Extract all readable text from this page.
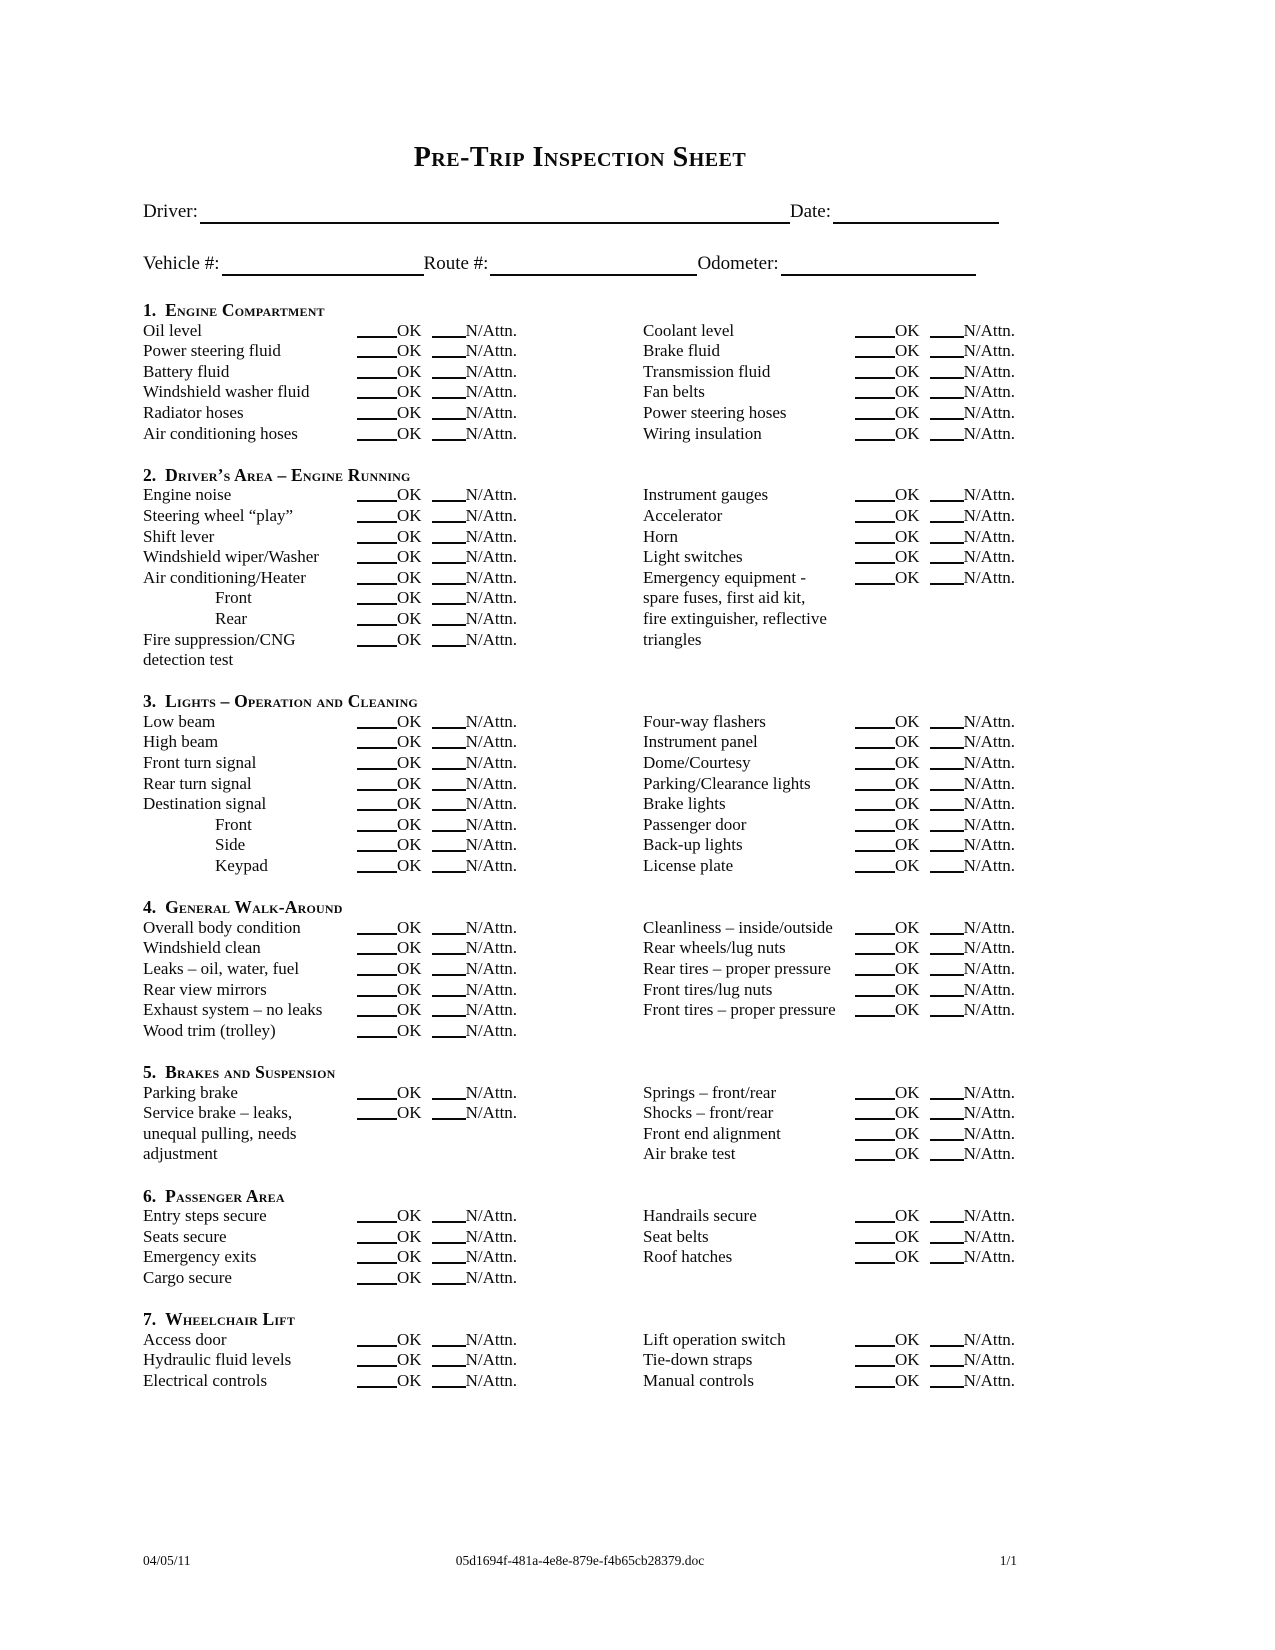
Pre-Trip Inspection Sheet
Driver:	Date:
Vehicle #:	Route #:	Odometer:
1. Engine Compartment
Oil level	OK	N/Attn.
Power steering fluid	OK	N/Attn.
Battery fluid	OK	N/Attn.
Windshield washer fluid	OK	N/Attn.
Radiator hoses	OK	N/Attn.
Air conditioning hoses	OK	N/Attn.
Coolant level	OK	N/Attn.
Brake fluid	OK	N/Attn.
Transmission fluid	OK	N/Attn.
Fan belts	OK	N/Attn.
Power steering hoses	OK	N/Attn.
Wiring insulation	OK	N/Attn.
2. Driver’s Area – Engine Running
Engine noise	OK	N/Attn.
Steering wheel “play”	OK	N/Attn.
Shift lever	OK	N/Attn.
Windshield wiper/Washer	OK	N/Attn.
Air conditioning/Heater	OK	N/Attn.
Front	OK	N/Attn.
Rear	OK	N/Attn.
Fire suppression/CNG	OK	N/Attn.
detection test
Instrument gauges	OK	N/Attn.
Accelerator	OK	N/Attn.
Horn	OK	N/Attn.
Light switches	OK	N/Attn.
Emergency equipment -	OK	N/Attn.
spare fuses, first aid kit,
fire extinguisher, reflective
triangles
3. Lights – Operation and Cleaning
Low beam	OK	N/Attn.
High beam	OK	N/Attn.
Front turn signal	OK	N/Attn.
Rear turn signal	OK	N/Attn.
Destination signal	OK	N/Attn.
Front	OK	N/Attn.
Side	OK	N/Attn.
Keypad	OK	N/Attn.
Four-way flashers	OK	N/Attn.
Instrument panel	OK	N/Attn.
Dome/Courtesy	OK	N/Attn.
Parking/Clearance lights	OK	N/Attn.
Brake lights	OK	N/Attn.
Passenger door	OK	N/Attn.
Back-up lights	OK	N/Attn.
License plate	OK	N/Attn.
4. General Walk-Around
Overall body condition	OK	N/Attn.
Windshield clean	OK	N/Attn.
Leaks – oil, water, fuel	OK	N/Attn.
Rear view mirrors	OK	N/Attn.
Exhaust system – no leaks	OK	N/Attn.
Wood trim (trolley)	OK	N/Attn.
Cleanliness – inside/outside	OK	N/Attn.
Rear wheels/lug nuts	OK	N/Attn.
Rear tires – proper pressure	OK	N/Attn.
Front tires/lug nuts	OK	N/Attn.
Front tires – proper pressure	OK	N/Attn.
5. Brakes and Suspension
Parking brake	OK	N/Attn.
Service brake – leaks,	OK	N/Attn.
unequal pulling, needs
adjustment
Springs – front/rear	OK	N/Attn.
Shocks – front/rear	OK	N/Attn.
Front end alignment	OK	N/Attn.
Air brake test	OK	N/Attn.
6. Passenger Area
Entry steps secure	OK	N/Attn.
Seats secure	OK	N/Attn.
Emergency exits	OK	N/Attn.
Cargo secure	OK	N/Attn.
Handrails secure	OK	N/Attn.
Seat belts	OK	N/Attn.
Roof hatches	OK	N/Attn.
7. Wheelchair Lift
Access door	OK	N/Attn.
Hydraulic fluid levels	OK	N/Attn.
Electrical controls	OK	N/Attn.
Lift operation switch	OK	N/Attn.
Tie-down straps	OK	N/Attn.
Manual controls	OK	N/Attn.
04/05/11	05d1694f-481a-4e8e-879e-f4b65cb28379.doc	1/1
